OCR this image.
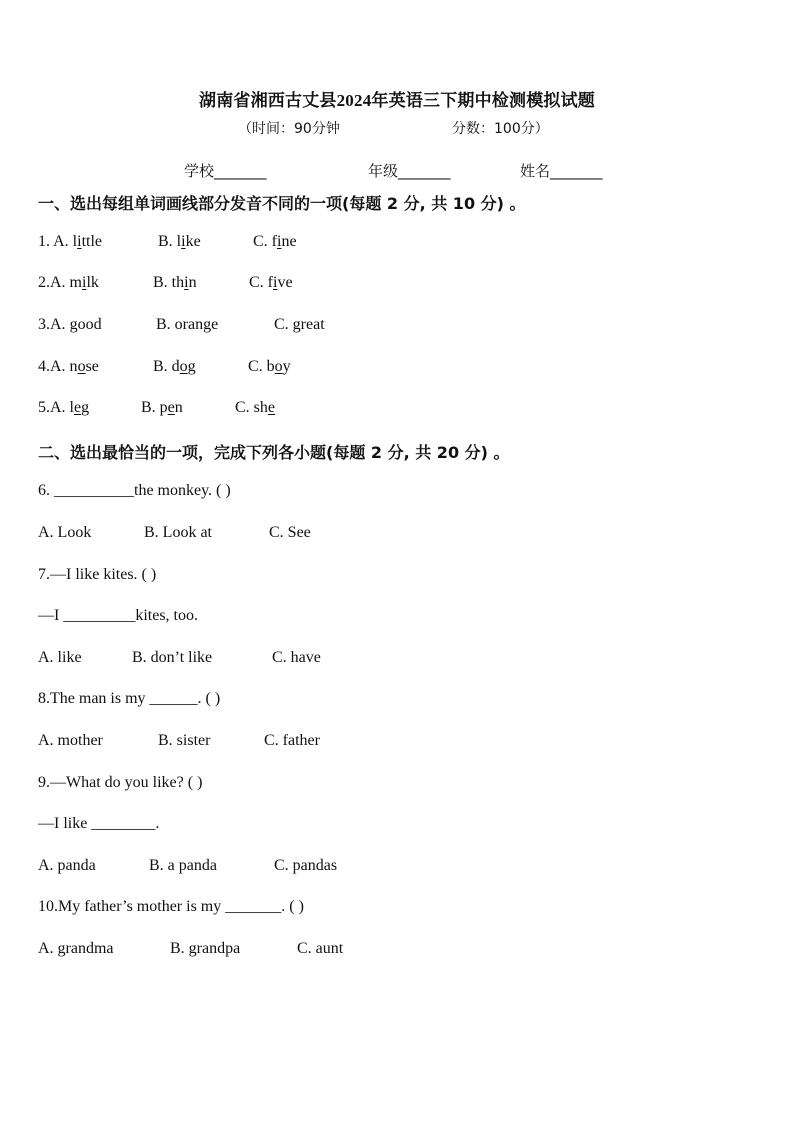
湖南省湘西古丈县2024年英语三下期中检测模拟试题
（时间：90分钟	分数：100分）
学校_______	年级_______	姓名_______
一、选出每组单词画线部分发音不同的一项(每题 2 分, 共 10 分) 。
1. A. little	B. like	C. fine
2.A. milk	B. thin	C. five
3.A. good	B. orange	C. great
4.A. nose	B. dog	C. boy
5.A. leg	B. pen	C. she
二、选出最恰当的一项，完成下列各小题(每题 2 分, 共 20 分) 。
6. __________the monkey. ( )
A. Look	B. Look at	C. See
7.—I like kites. ( )
—I _________kites, too.
A. like	B. don’t like	C. have
8.The man is my ______. ( )
A. mother	B. sister	C. father
9.—What do you like? ( )
—I like ________.
A. panda	B. a panda	C. pandas
10.My father’s mother is my _______. ( )
A. grandma	B. grandpa	C. aunt
